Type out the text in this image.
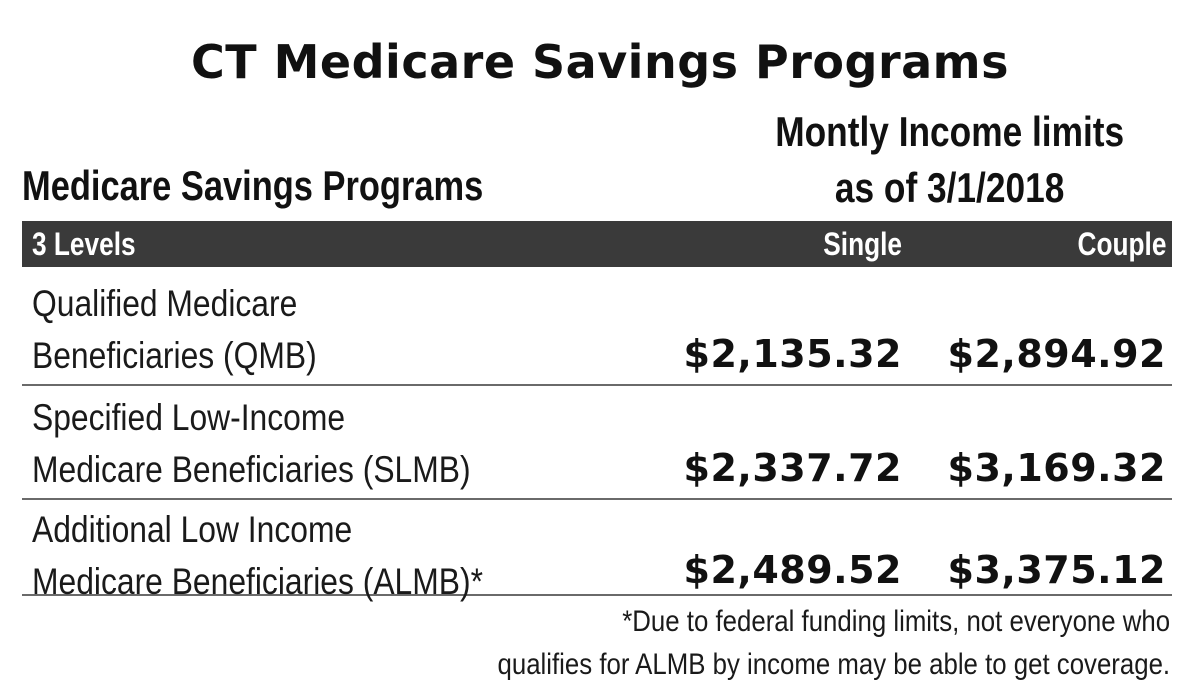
CT Medicare Savings Programs
Medicare Savings Programs
Montly Income limits
as of 3/1/2018
3 Levels	Single	Couple
Qualified Medicare
Beneficiaries (QMB)	$2,135.32 $2,894.92
Specified Low-Income
Medicare Beneficiaries (SLMB)	$2,337.72 $3,169.32
Additional Low Income
Medicare Beneficiaries (ALMB)*	$2,489.52 $3,375.12
*Due to federal funding limits, not everyone who
qualifies for ALMB by income may be able to get coverage.
